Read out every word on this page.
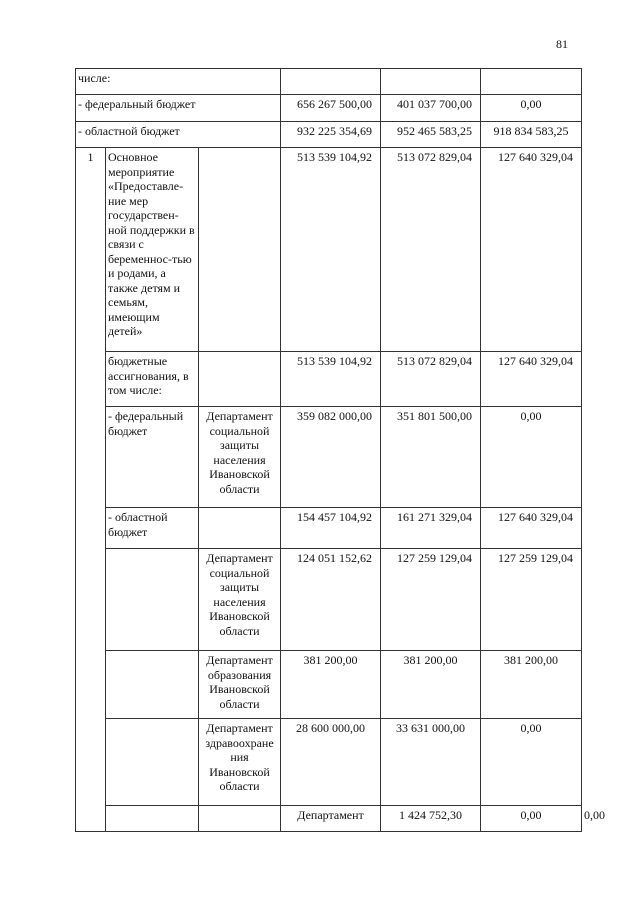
81
числе:						
- федеральный бюджет			656 267 500,00	401 037 700,00	0,00	
- областной бюджет			932 225 354,69	952 465 583,25	918 834 583,25	
1	Основное мероприятие «Предоставле-ние мер государствен-ной поддержки в связи с беременнос-тью и родами, а также детям и семьям, имеющим детей»		513 539 104,92	513 072 829,04	127 640 329,04	
	бюджетные ассигнования, в том числе:		513 539 104,92	513 072 829,04	127 640 329,04	
	- федеральный бюджет	Департамент социальной защиты населения Ивановской области	359 082 000,00	351 801 500,00	0,00	
	- областной бюджет		154 457 104,92	161 271 329,04	127 640 329,04	
		Департамент социальной защиты населения Ивановской области	124 051 152,62	127 259 129,04	127 259 129,04	
		Департамент образования Ивановской области	381 200,00	381 200,00	381 200,00	
		Департамент здравоохране ния Ивановской области	28 600 000,00	33 631 000,00	0,00	
			Департамент	1 424 752,30	0,00	0,00
